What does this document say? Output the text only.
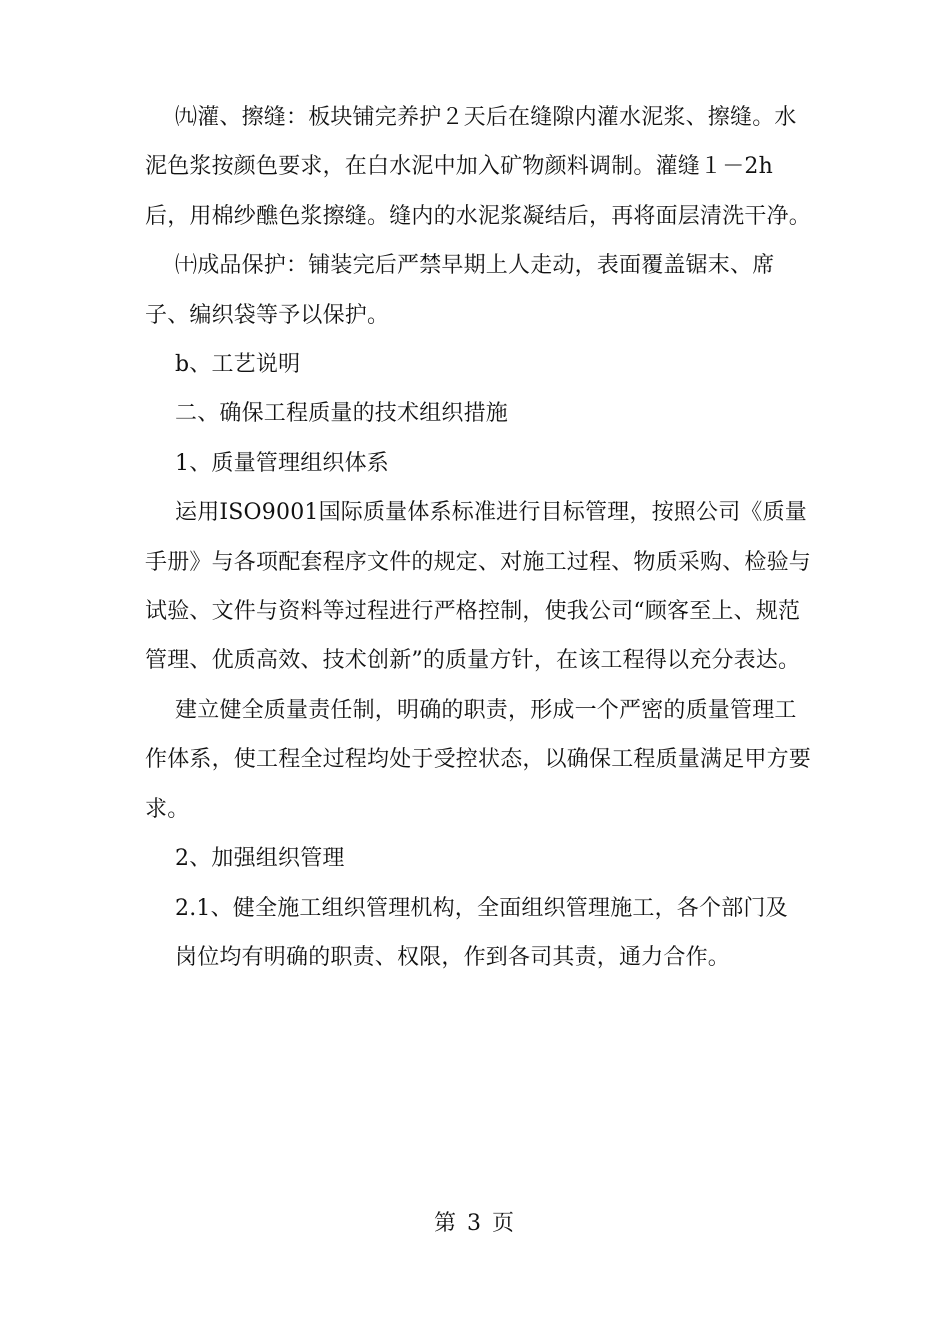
㈨灌、擦缝：板块铺完养护２天后在缝隙内灌水泥浆、擦缝。水泥色浆按颜色要求，在白水泥中加入矿物颜料调制。灌缝１－2h后，用棉纱醮色浆擦缝。缝内的水泥浆凝结后，再将面层清洗干净。

㈩成品保护：铺装完后严禁早期上人走动，表面覆盖锯末、席子、编织袋等予以保护。

b、工艺说明

二、确保工程质量的技术组织措施

1、质量管理组织体系

运用ISO9001国际质量体系标准进行目标管理，按照公司《质量手册》与各项配套程序文件的规定、对施工过程、物质采购、检验与试验、文件与资料等过程进行严格控制，使我公司“顾客至上、规范管理、优质高效、技术创新”的质量方针，在该工程得以充分表达。

建立健全质量责任制，明确的职责，形成一个严密的质量管理工作体系，使工程全过程均处于受控状态，以确保工程质量满足甲方要求。

2、加强组织管理

2.1、健全施工组织管理机构，全面组织管理施工，各个部门及

岗位均有明确的职责、权限，作到各司其责，通力合作。

第 3 页
